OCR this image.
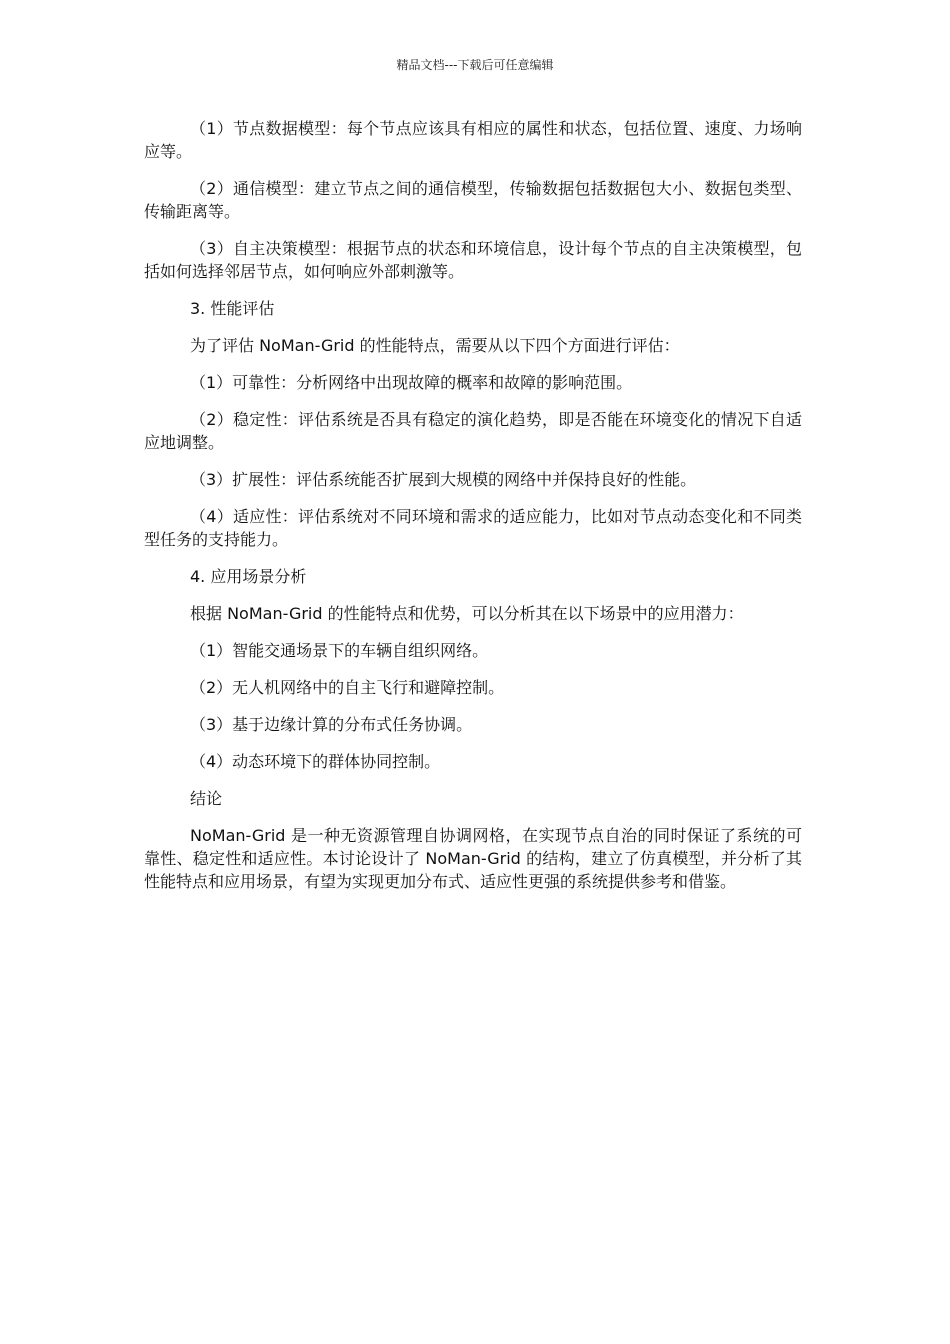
精品文档---下载后可任意编辑

（1）节点数据模型：每个节点应该具有相应的属性和状态，包括位置、速度、力场响应等。

（2）通信模型：建立节点之间的通信模型，传输数据包括数据包大小、数据包类型、传输距离等。

（3）自主决策模型：根据节点的状态和环境信息，设计每个节点的自主决策模型，包括如何选择邻居节点，如何响应外部刺激等。

3. 性能评估

为了评估 NoMan-Grid 的性能特点，需要从以下四个方面进行评估：

（1）可靠性：分析网络中出现故障的概率和故障的影响范围。

（2）稳定性：评估系统是否具有稳定的演化趋势，即是否能在环境变化的情况下自适应地调整。

（3）扩展性：评估系统能否扩展到大规模的网络中并保持良好的性能。

（4）适应性：评估系统对不同环境和需求的适应能力，比如对节点动态变化和不同类型任务的支持能力。

4. 应用场景分析

根据 NoMan-Grid 的性能特点和优势，可以分析其在以下场景中的应用潜力：

（1）智能交通场景下的车辆自组织网络。

（2）无人机网络中的自主飞行和避障控制。

（3）基于边缘计算的分布式任务协调。

（4）动态环境下的群体协同控制。

结论

NoMan-Grid 是一种无资源管理自协调网格，在实现节点自治的同时保证了系统的可靠性、稳定性和适应性。本讨论设计了 NoMan-Grid 的结构，建立了仿真模型，并分析了其性能特点和应用场景，有望为实现更加分布式、适应性更强的系统提供参考和借鉴。
